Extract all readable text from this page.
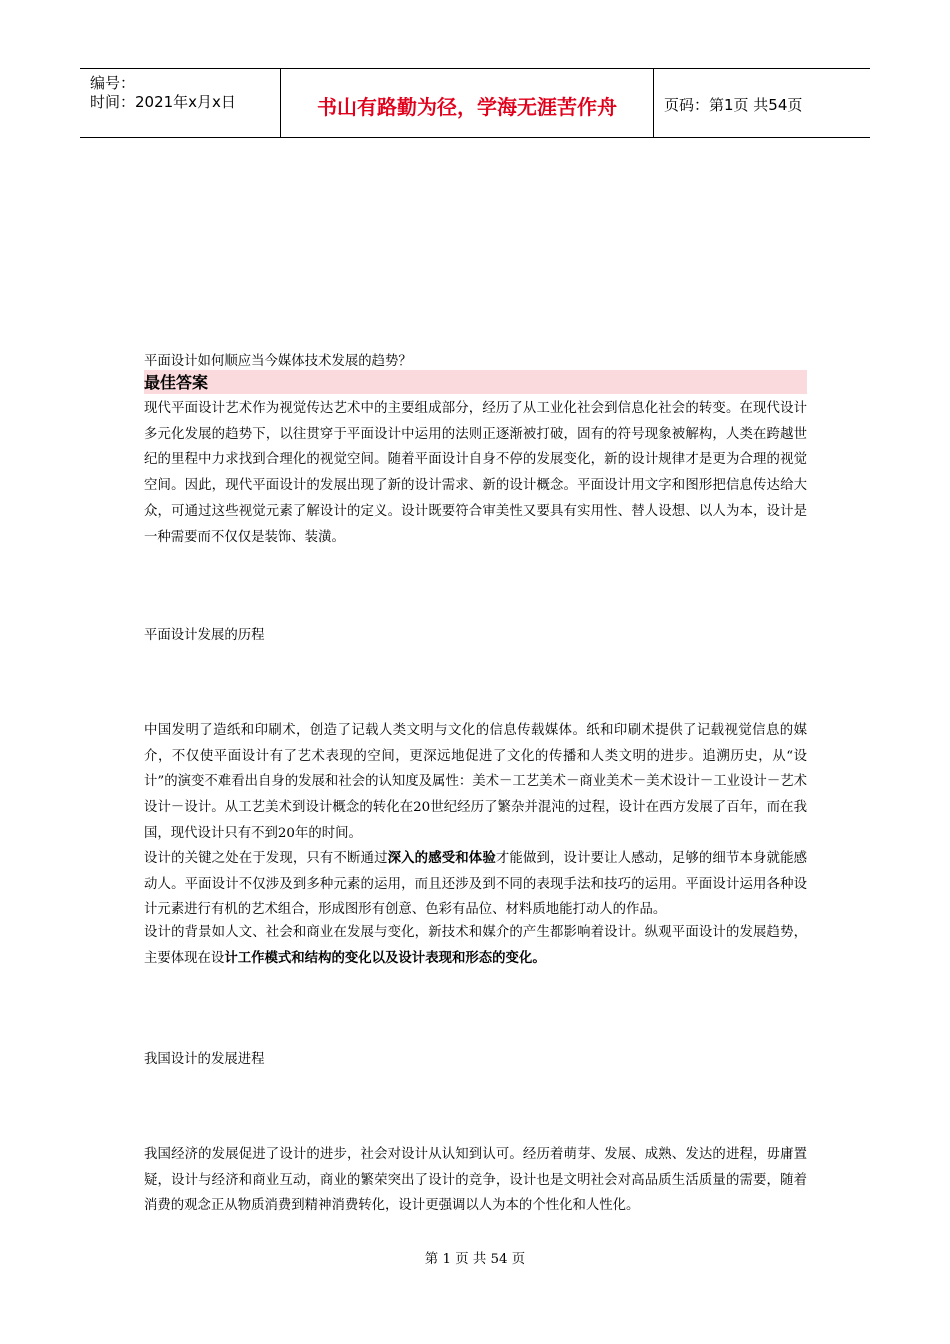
编号：
时间：2021年x月x日	书山有路勤为径，学海无涯苦作舟	页码：第1页 共54页
平面设计如何顺应当今媒体技术发展的趋势？
最佳答案
现代平面设计艺术作为视觉传达艺术中的主要组成部分，经历了从工业化社会到信息化社会的转变。在现代设计多元化发展的趋势下，以往贯穿于平面设计中运用的法则正逐渐被打破，固有的符号现象被解构，人类在跨越世纪的里程中力求找到合理化的视觉空间。随着平面设计自身不停的发展变化，新的设计规律才是更为合理的视觉空间。因此，现代平面设计的发展出现了新的设计需求、新的设计概念。平面设计用文字和图形把信息传达给大众，可通过这些视觉元素了解设计的定义。设计既要符合审美性又要具有实用性、替人设想、以人为本，设计是一种需要而不仅仅是装饰、装潢。
平面设计发展的历程
中国发明了造纸和印刷术，创造了记载人类文明与文化的信息传载媒体。纸和印刷术提供了记载视觉信息的媒介，不仅使平面设计有了艺术表现的空间，更深远地促进了文化的传播和人类文明的进步。追溯历史，从“设计”的演变不难看出自身的发展和社会的认知度及属性：美术－工艺美术－商业美术－美术设计－工业设计－艺术设计－设计。从工艺美术到设计概念的转化在20世纪经历了繁杂并混沌的过程，设计在西方发展了百年，而在我国，现代设计只有不到20年的时间。
设计的关键之处在于发现，只有不断通过深入的感受和体验才能做到，设计要让人感动，足够的细节本身就能感动人。平面设计不仅涉及到多种元素的运用，而且还涉及到不同的表现手法和技巧的运用。平面设计运用各种设计元素进行有机的艺术组合，形成图形有创意、色彩有品位、材料质地能打动人的作品。
设计的背景如人文、社会和商业在发展与变化，新技术和媒介的产生都影响着设计。纵观平面设计的发展趋势，主要体现在设计工作模式和结构的变化以及设计表现和形态的变化。
我国设计的发展进程
我国经济的发展促进了设计的进步，社会对设计从认知到认可。经历着萌芽、发展、成熟、发达的进程，毋庸置疑，设计与经济和商业互动，商业的繁荣突出了设计的竞争，设计也是文明社会对高品质生活质量的需要，随着消费的观念正从物质消费到精神消费转化，设计更强调以人为本的个性化和人性化。
第 1 页 共 54 页
